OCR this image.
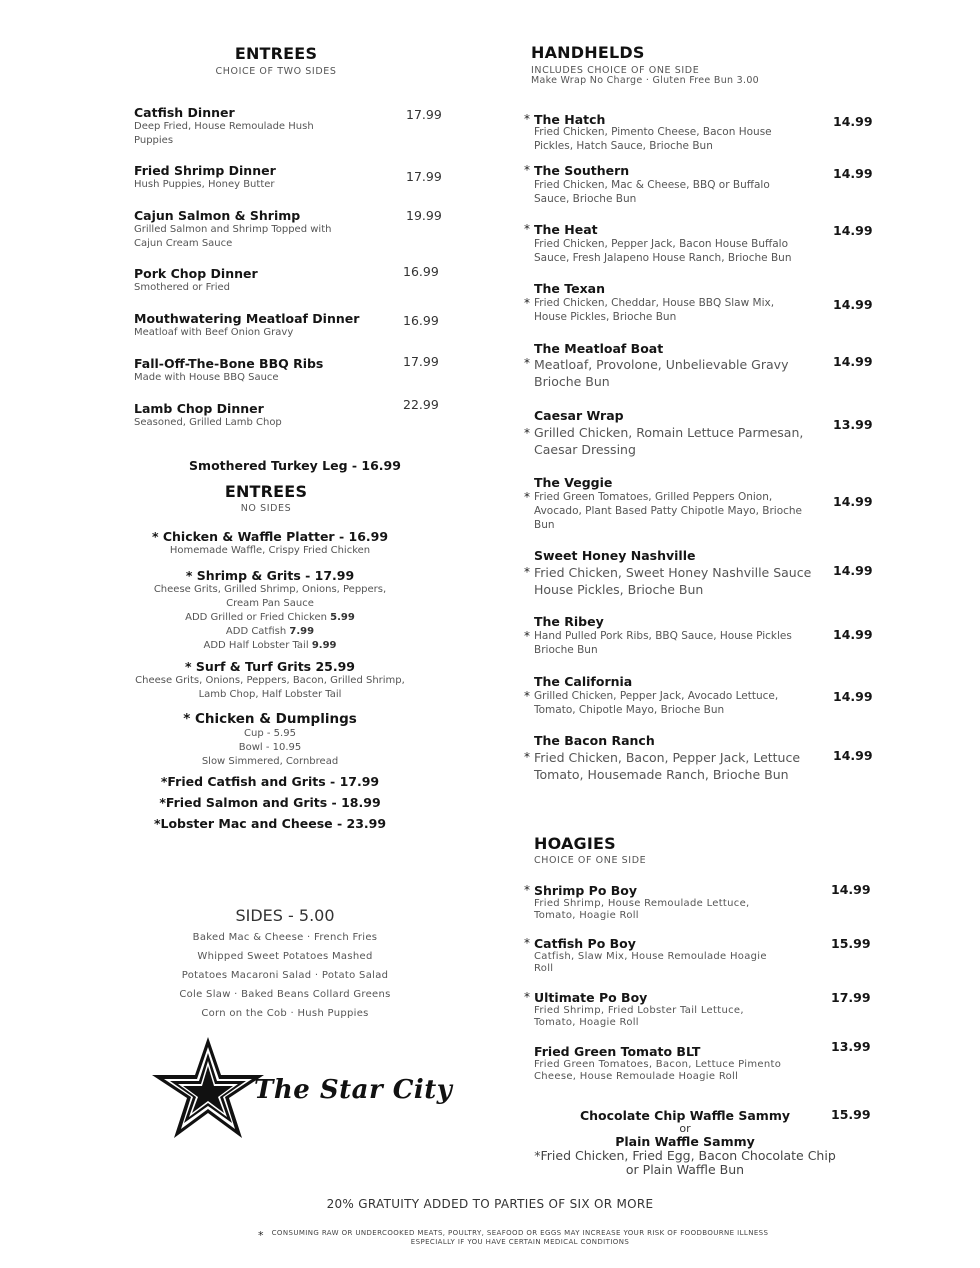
ENTREES
CHOICE OF TWO SIDES
Catfish Dinner
Deep Fried, House Remoulade Hush Puppies
17.99
Fried Shrimp Dinner
Hush Puppies, Honey Butter
17.99
Cajun Salmon & Shrimp
Grilled Salmon and Shrimp Topped with Cajun Cream Sauce
19.99
Pork Chop Dinner
Smothered or Fried
16.99
Mouthwatering Meatloaf Dinner
Meatloaf with Beef Onion Gravy
16.99
Fall-Off-The-Bone BBQ Ribs
Made with House BBQ Sauce
17.99
Lamb Chop Dinner
Seasoned, Grilled Lamb Chop
22.99
Smothered Turkey Leg - 16.99
ENTREES
NO SIDES
* Chicken & Waffle Platter - 16.99
Homemade Waffle, Crispy Fried Chicken
* Shrimp & Grits - 17.99
Cheese Grits, Grilled Shrimp, Onions, Peppers,
Cream Pan Sauce
ADD Grilled or Fried Chicken 5.99
ADD Catfish 7.99
ADD Half Lobster Tail 9.99
* Surf & Turf Grits 25.99
Cheese Grits, Onions, Peppers, Bacon, Grilled Shrimp,
Lamb Chop, Half Lobster Tail
* Chicken & Dumplings
Cup - 5.95
Bowl - 10.95
Slow Simmered, Cornbread
*Fried Catfish and Grits - 17.99
*Fried Salmon and Grits - 18.99
*Lobster Mac and Cheese - 23.99
SIDES - 5.00
Baked Mac & Cheese · French Fries
Whipped Sweet Potatoes Mashed
Potatoes Macaroni Salad · Potato Salad
Cole Slaw · Baked Beans Collard Greens
Corn on the Cob · Hush Puppies
The Star City
HANDHELDS
INCLUDES CHOICE OF ONE SIDE
Make Wrap No Charge · Gluten Free Bun 3.00
* The Hatch
Fried Chicken, Pimento Cheese, Bacon House Pickles, Hatch Sauce, Brioche Bun
14.99
* The Southern
Fried Chicken, Mac & Cheese, BBQ or Buffalo Sauce, Brioche Bun
14.99
* The Heat
Fried Chicken, Pepper Jack, Bacon House Buffalo Sauce, Fresh Jalapeno House Ranch, Brioche Bun
14.99
The Texan
* Fried Chicken, Cheddar, House BBQ Slaw Mix, House Pickles, Brioche Bun
14.99
The Meatloaf Boat
* Meatloaf, Provolone, Unbelievable Gravy Brioche Bun
14.99
Caesar Wrap
* Grilled Chicken, Romain Lettuce Parmesan, Caesar Dressing
13.99
The Veggie
* Fried Green Tomatoes, Grilled Peppers Onion, Avocado, Plant Based Patty Chipotle Mayo, Brioche Bun
14.99
Sweet Honey Nashville
* Fried Chicken, Sweet Honey Nashville Sauce House Pickles, Brioche Bun
14.99
The Ribey
* Hand Pulled Pork Ribs, BBQ Sauce, House Pickles Brioche Bun
14.99
The California
* Grilled Chicken, Pepper Jack, Avocado Lettuce, Tomato, Chipotle Mayo, Brioche Bun
14.99
The Bacon Ranch
* Fried Chicken, Bacon, Pepper Jack, Lettuce Tomato, Housemade Ranch, Brioche Bun
14.99
HOAGIES
CHOICE OF ONE SIDE
* Shrimp Po Boy
Fried Shrimp, House Remoulade Lettuce, Tomato, Hoagie Roll
14.99
* Catfish Po Boy
Catfish, Slaw Mix, House Remoulade Hoagie Roll
15.99
* Ultimate Po Boy
Fried Shrimp, Fried Lobster Tail Lettuce, Tomato, Hoagie Roll
17.99
Fried Green Tomato BLT
Fried Green Tomatoes, Bacon, Lettuce Pimento Cheese, House Remoulade Hoagie Roll
13.99
Chocolate Chip Waffle Sammy
or
Plain Waffle Sammy
*Fried Chicken, Fried Egg, Bacon Chocolate Chip
or Plain Waffle Bun
15.99
20% GRATUITY ADDED TO PARTIES OF SIX OR MORE
*	CONSUMING RAW OR UNDERCOOKED MEATS, POULTRY, SEAFOOD OR EGGS MAY INCREASE YOUR RISK OF FOODBOURNE ILLNESS
ESPECIALLY IF YOU HAVE CERTAIN MEDICAL CONDITIONS
